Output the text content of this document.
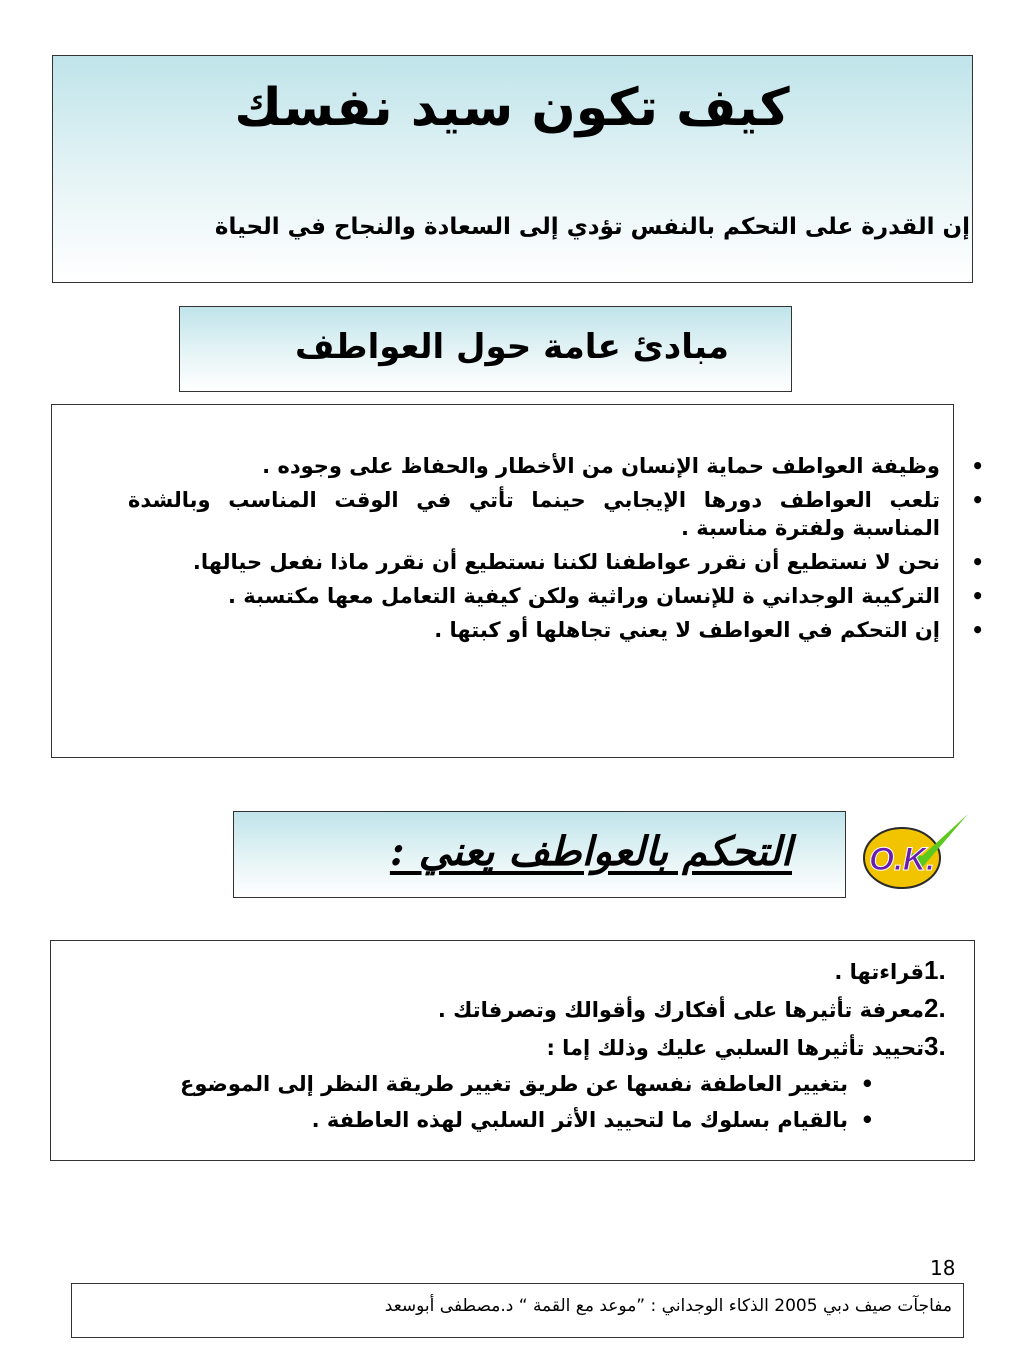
كيف تكون سيد نفسك
إن القدرة على التحكم بالنفس تؤدي إلى السعادة والنجاح في الحياة
مبادئ عامة حول العواطف
• وظيفة العواطف حماية الإنسان من الأخطار والحفاظ على وجوده .
• تلعب العواطف دورها الإيجابي حينما تأتي في الوقت المناسب وبالشدة المناسبة ولفترة مناسبة .
• نحن لا نستطيع أن نقرر عواطفنا لكننا نستطيع أن نقرر ماذا نفعل حيالها.
• التركيبة الوجداني ة للإنسان وراثية ولكن كيفية التعامل معها مكتسبة .
• إن التحكم في العواطف لا يعني تجاهلها أو كبتها .
التحكم بالعواطف يعني : O.K.
1.قراءتها .
2.معرفة تأثيرها على أفكارك وأقوالك وتصرفاتك .
3.تحييد تأثيرها السلبي عليك وذلك إما :
• بتغيير العاطفة نفسها عن طريق تغيير طريقة النظر إلى الموضوع
• بالقيام بسلوك ما لتحييد الأثر السلبي لهذه العاطفة .
18
مفاجآت صيف دبي 2005 الذكاء الوجداني : ”موعد مع القمة “ د.مصطفى أبوسعد
